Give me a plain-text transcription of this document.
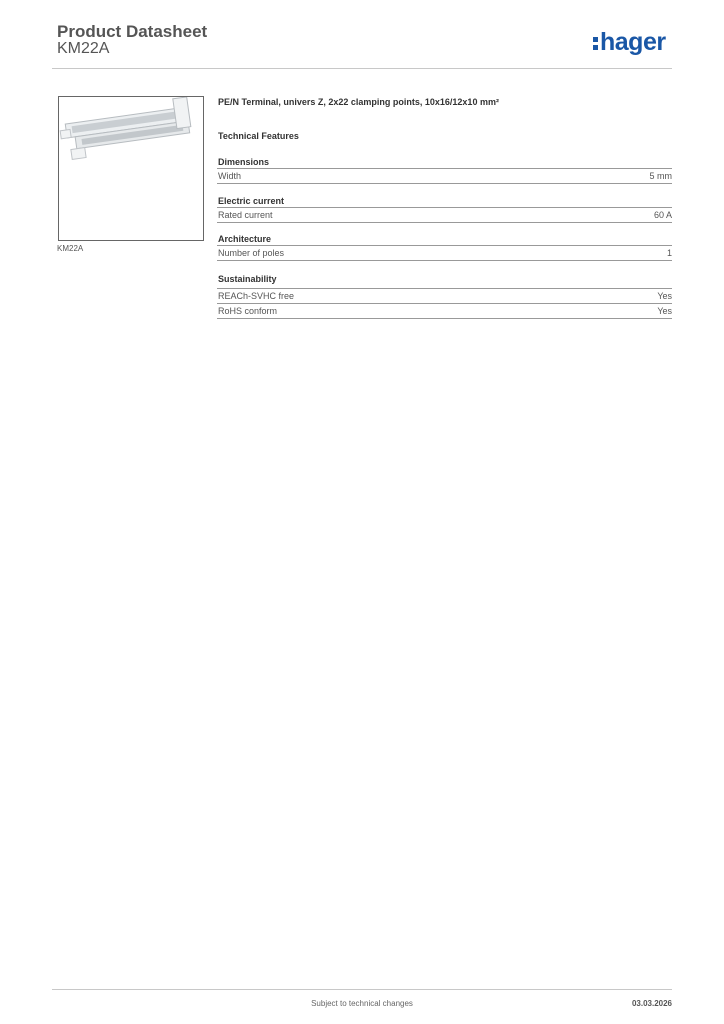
Product Datasheet
KM22A	hager
KM22A
PE/N Terminal, univers Z, 2x22 clamping points, 10x16/12x10 mm²
Technical Features
Dimensions
Width	5 mm
Electric current
Rated current	60 A
Architecture
Number of poles	1
Sustainability
REACh-SVHC free	Yes
RoHS conform	Yes
Subject to technical changes	03.03.2026
